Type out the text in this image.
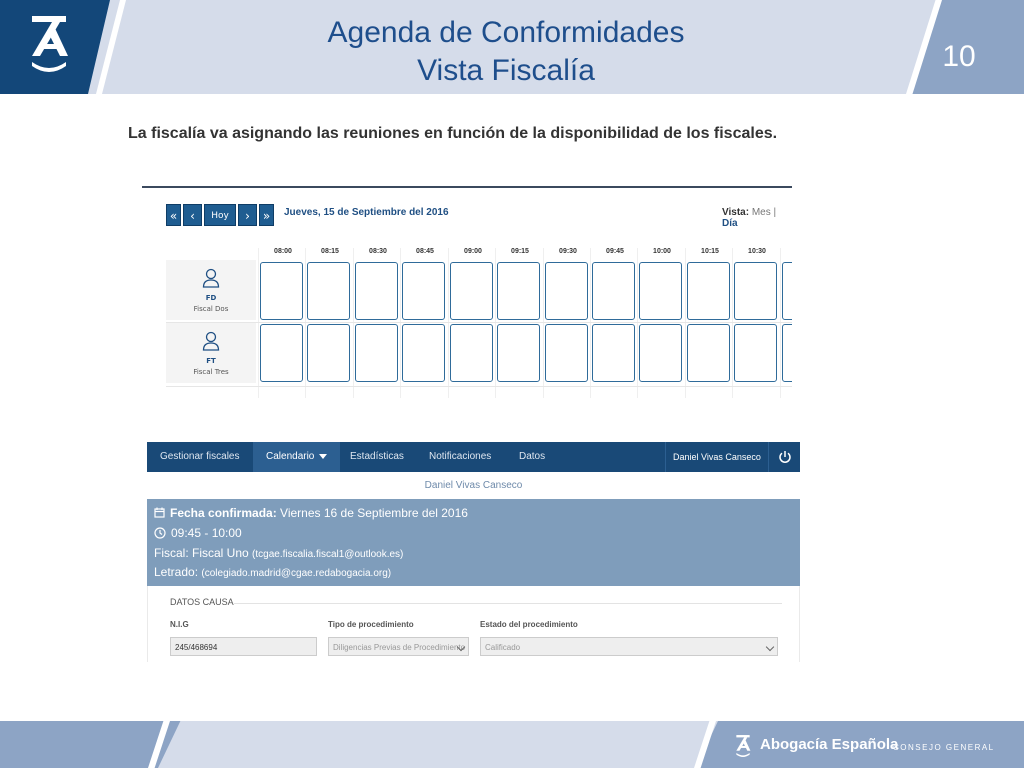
Agenda de Conformidades
Vista Fiscalía	10
La fiscalía va asignando las reuniones en función de la disponibilidad de los fiscales.
«	‹	Hoy	›	»	Jueves, 15 de Septiembre del 2016	Vista: Mes | Día
08:00	08:15	08:30	08:45	09:00	09:15	09:30	09:45	10:00	10:15	10:30
FD
Fiscal Dos
FT
Fiscal Tres
Gestionar fiscales	Calendario	Estadísticas	Notificaciones	Datos	Daniel Vivas Canseco
Daniel Vivas Canseco
Fecha confirmada: Viernes 16 de Septiembre del 2016
09:45 - 10:00
Fiscal: Fiscal Uno (tcgae.fiscalia.fiscal1@outlook.es)
Letrado: (colegiado.madrid@cgae.redabogacia.org)
DATOS CAUSA
N.I.G
245/468694
Tipo de procedimiento
Diligencias Previas de Procedimiento
Estado del procedimiento
Calificado
Abogacía Española
CONSEJO GENERAL
